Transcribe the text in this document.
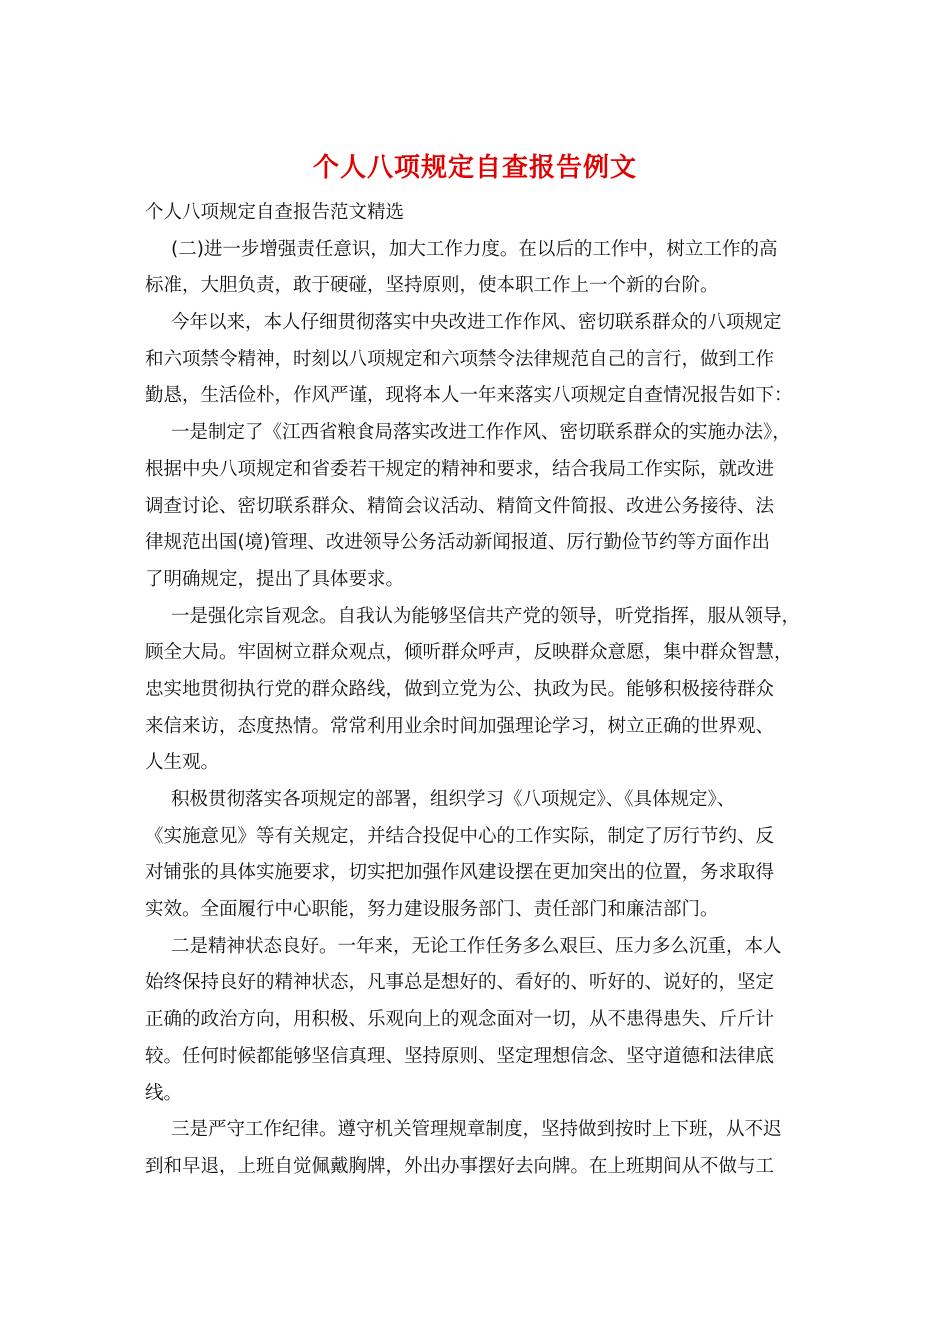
个人八项规定自查报告例文
个人八项规定自查报告范文精选
(二)进一步增强责任意识，加大工作力度。在以后的工作中，树立工作的高
标准，大胆负责，敢于硬碰，坚持原则，使本职工作上一个新的台阶。
今年以来，本人仔细贯彻落实中央改进工作作风、密切联系群众的八项规定
和六项禁令精神，时刻以八项规定和六项禁令法律规范自己的言行，做到工作
勤恳，生活俭朴，作风严谨，现将本人一年来落实八项规定自查情况报告如下：
一是制定了《江西省粮食局落实改进工作作风、密切联系群众的实施办法》，
根据中央八项规定和省委若干规定的精神和要求，结合我局工作实际，就改进
调查讨论、密切联系群众、精简会议活动、精简文件简报、改进公务接待、法
律规范出国(境)管理、改进领导公务活动新闻报道、厉行勤俭节约等方面作出
了明确规定，提出了具体要求。
一是强化宗旨观念。自我认为能够坚信共产党的领导，听党指挥，服从领导，
顾全大局。牢固树立群众观点，倾听群众呼声，反映群众意愿，集中群众智慧，
忠实地贯彻执行党的群众路线，做到立党为公、执政为民。能够积极接待群众
来信来访，态度热情。常常利用业余时间加强理论学习，树立正确的世界观、
人生观。
积极贯彻落实各项规定的部署，组织学习《八项规定》、《具体规定》、
《实施意见》等有关规定，并结合投促中心的工作实际，制定了厉行节约、反
对铺张的具体实施要求，切实把加强作风建设摆在更加突出的位置，务求取得
实效。全面履行中心职能，努力建设服务部门、责任部门和廉洁部门。
二是精神状态良好。一年来，无论工作任务多么艰巨、压力多么沉重，本人
始终保持良好的精神状态，凡事总是想好的、看好的、听好的、说好的，坚定
正确的政治方向，用积极、乐观向上的观念面对一切，从不患得患失、斤斤计
较。任何时候都能够坚信真理、坚持原则、坚定理想信念、坚守道德和法律底
线。
三是严守工作纪律。遵守机关管理规章制度，坚持做到按时上下班，从不迟
到和早退，上班自觉佩戴胸牌，外出办事摆好去向牌。在上班期间从不做与工
